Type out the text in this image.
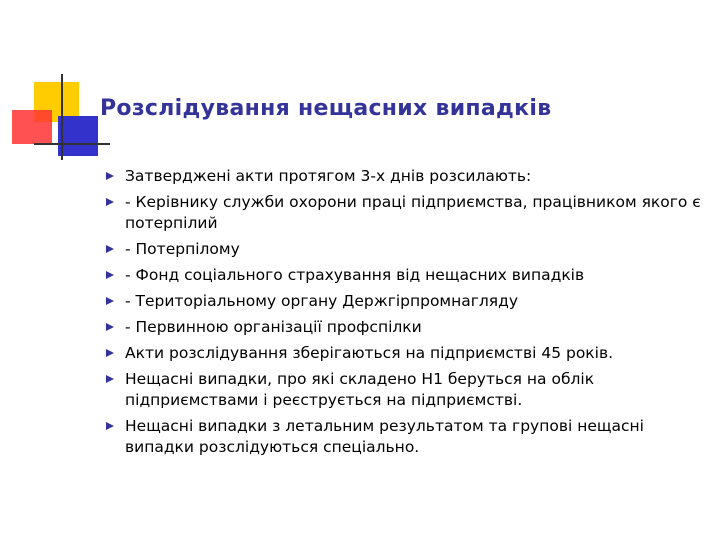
Розслідування нещасних випадків
Затверджені акти протягом 3-х днів розсилають:
- Керівнику служби охорони праці підприємства, працівником якого є потерпілий
- Потерпілому
- Фонд соціального страхування від нещасних випадків
- Територіальному органу Держгірпромнагляду
- Первинною організації профспілки
Акти розслідування зберігаються на підприємстві 45 років.
Нещасні випадки, про які складено Н1 беруться на облік підприємствами і реєструється на підприємстві.
Нещасні випадки з летальним результатом та групові нещасні випадки розслідуються спеціально.
